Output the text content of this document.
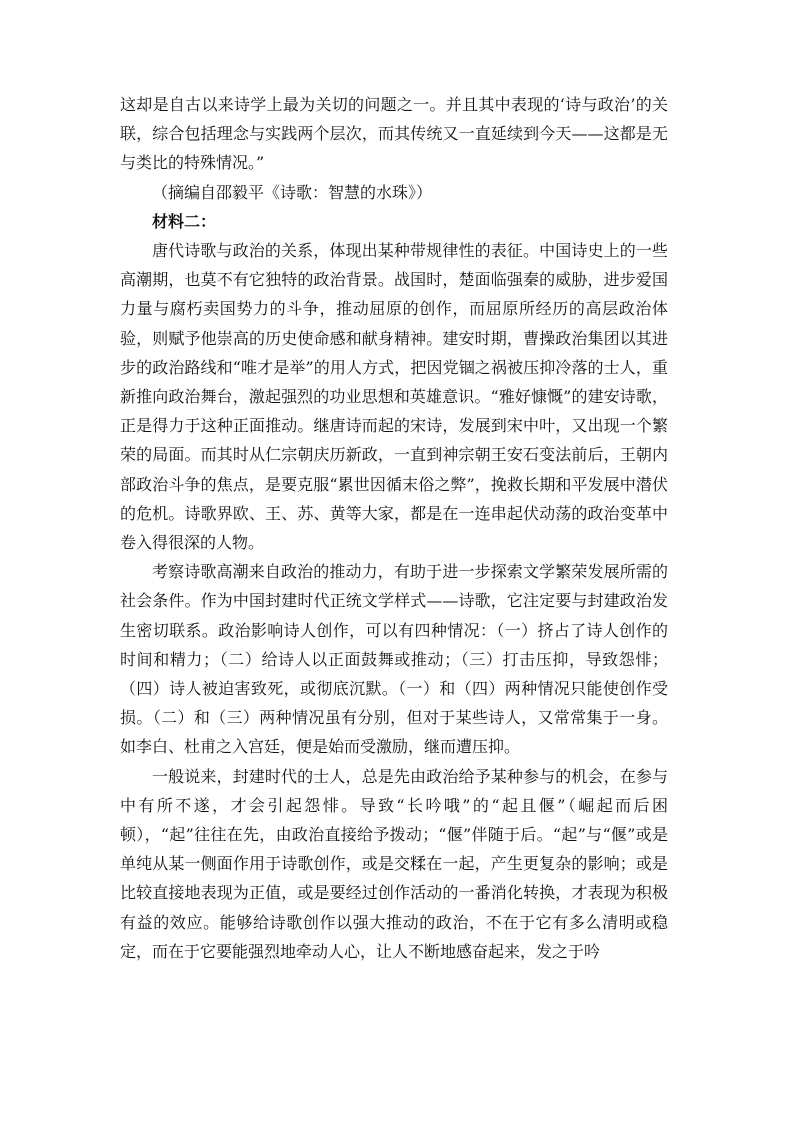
这却是自古以来诗学上最为关切的问题之一。并且其中表现的‘诗与政治’的关联，综合包括理念与实践两个层次，而其传统又一直延续到今天——这都是无与类比的特殊情况。”

（摘编自邵毅平《诗歌：智慧的水珠》）

材料二：

唐代诗歌与政治的关系，体现出某种带规律性的表征。中国诗史上的一些高潮期，也莫不有它独特的政治背景。战国时，楚面临强秦的威胁，进步爱国力量与腐朽卖国势力的斗争，推动屈原的创作，而屈原所经历的高层政治体验，则赋予他崇高的历史使命感和献身精神。建安时期，曹操政治集团以其进步的政治路线和“唯才是举”的用人方式，把因党锢之祸被压抑冷落的士人，重新推向政治舞台，激起强烈的功业思想和英雄意识。“雅好慷慨”的建安诗歌，正是得力于这种正面推动。继唐诗而起的宋诗，发展到宋中叶，又出现一个繁荣的局面。而其时从仁宗朝庆历新政，一直到神宗朝王安石变法前后，王朝内部政治斗争的焦点，是要克服“累世因循末俗之弊”，挽救长期和平发展中潜伏的危机。诗歌界欧、王、苏、黄等大家，都是在一连串起伏动荡的政治变革中卷入得很深的人物。

考察诗歌高潮来自政治的推动力，有助于进一步探索文学繁荣发展所需的社会条件。作为中国封建时代正统文学样式——诗歌，它注定要与封建政治发生密切联系。政治影响诗人创作，可以有四种情况：（一）挤占了诗人创作的时间和精力；（二）给诗人以正面鼓舞或推动；（三）打击压抑，导致怨悱；（四）诗人被迫害致死，或彻底沉默。（一）和（四）两种情况只能使创作受损。（二）和（三）两种情况虽有分别，但对于某些诗人，又常常集于一身。如李白、杜甫之入宫廷，便是始而受激励，继而遭压抑。

一般说来，封建时代的士人，总是先由政治给予某种参与的机会，在参与中有所不遂，才会引起怨悱。导致“长吟哦”的“起且偃”（崛起而后困顿），“起”往往在先，由政治直接给予拨动；“偃”伴随于后。“起”与“偃”或是单纯从某一侧面作用于诗歌创作，或是交糅在一起，产生更复杂的影响；或是比较直接地表现为正值，或是要经过创作活动的一番消化转换，才表现为积极有益的效应。能够给诗歌创作以强大推动的政治，不在于它有多么清明或稳定，而在于它要能强烈地牵动人心，让人不断地感奋起来，发之于吟
